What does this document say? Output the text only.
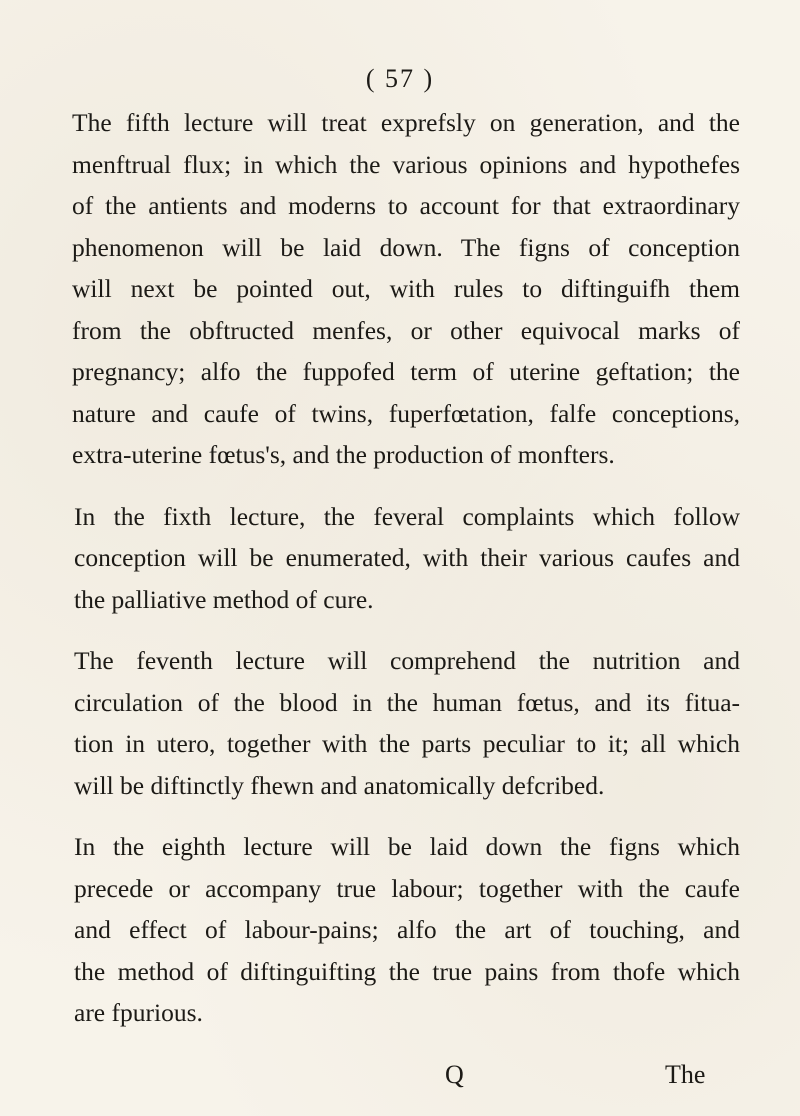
( 57 )

The fifth lecture will treat exprefsly on generation, and the
menftrual flux; in which the various opinions and hypothefes
of the antients and moderns to account for that extraordinary
phenomenon will be laid down. The figns of conception
will next be pointed out, with rules to diftinguifh them
from the obftructed menfes, or other equivocal marks of
pregnancy; alfo the fuppofed term of uterine geftation; the
nature and caufe of twins, fuperfœtation, falfe conceptions,
extra-uterine fœtus's, and the production of monfters.

In the fixth lecture, the feveral complaints which follow
conception will be enumerated, with their various caufes and
the palliative method of cure.

The feventh lecture will comprehend the nutrition and
circulation of the blood in the human fœtus, and its fitua-
tion in utero, together with the parts peculiar to it; all which
will be diftinctly fhewn and anatomically defcribed.

In the eighth lecture will be laid down the figns which
precede or accompany true labour; together with the caufe
and effect of labour-pains; alfo the art of touching, and
the method of diftinguifting the true pains from thofe which
are fpurious.

Q	The
